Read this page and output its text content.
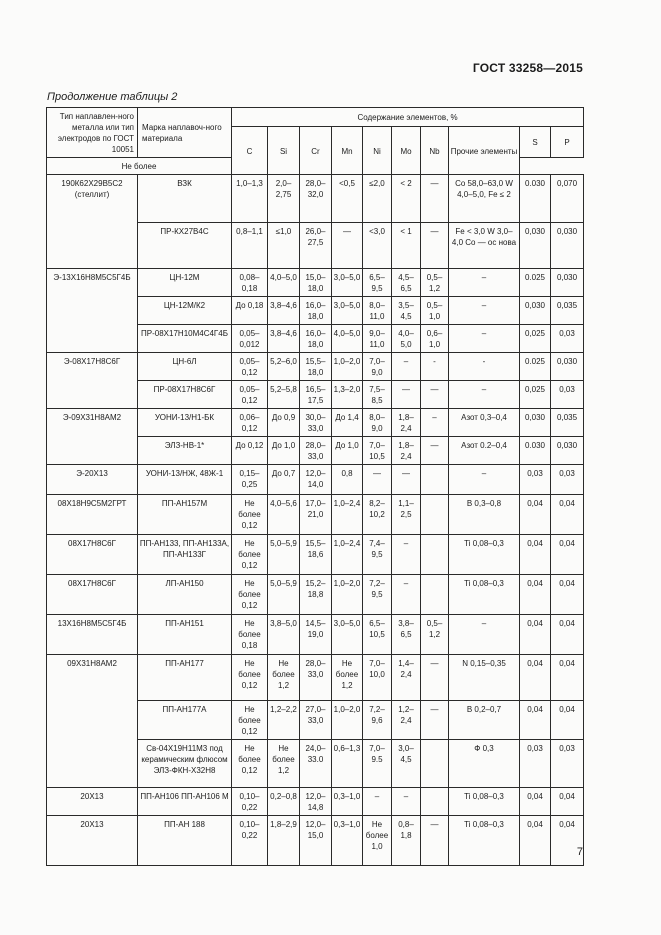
ГОСТ 33258—2015
Продолжение таблицы 2
Тип наплавлен-ного металла или тип электродов по ГОСТ 10051	Марка наплавоч-ного материала	Содержание элементов, %									
		C	Si	Cr	Mn	Ni	Mo	Nb	Прочие элементы	S	P
Не более											
190К62Х29В5С2 (стеллит)	ВЗК	1,0–1,3	2,0–2,75	28,0–32,0	<0,5	≤2,0	< 2	—	Co 58,0–63,0 W 4,0–5,0, Fe ≤ 2	0.030	0,070
	ПР-КХ27В4С	0,8–1,1	≤1,0	26,0–27,5	—	<3,0	< 1	—	Fe < 3,0 W 3,0–4,0 Co — ос нова	0,030	0,030
Э-13Х16Н8М5С5Г4Б	ЦН-12М	0,08–0,18	4,0–5,0	15,0–18,0	3,0–5,0	6,5–9,5	4,5–6,5	0,5–1,2	–	0.025	0,030
	ЦН-12М/К2	До 0,18	3,8–4,6	16,0–18,0	3,0–5,0	8,0–11,0	3,5–4,5	0,5–1,0	–	0,030	0,035
	ПР-08Х17Н10М4С4Г4Б	0,05–0,012	3,8–4,6	16,0–18,0	4,0–5,0	9,0–11,0	4,0–5,0	0,6–1,0	–	0,025	0,03
Э-08Х17Н8С6Г	ЦН-6Л	0,05–0,12	5,2–6,0	15,5–18,0	1,0–2,0	7,0–9,0	–	-	-	0.025	0,030
	ПР-08Х17Н8С6Г	0,05–0,12	5,2–5,8	16,5–17,5	1,3–2,0	7,5–8,5	—	—	–	0,025	0,03
Э-09Х31Н8АМ2	УОНИ-13/Н1-БК	0,06–0,12	До 0,9	30,0–33,0	До 1,4	8,0–9,0	1,8–2,4	–	Азот 0,3–0,4	0,030	0,035
	ЭЛЗ-НВ-1*	До 0,12	До 1,0	28,0–33,0	До 1,0	7,0–10,5	1,8–2,4	—	Азот 0.2–0,4	0.030	0,030
Э-20Х13	УОНИ-13/НЖ, 48Ж-1	0,15–0,25	До 0,7	12,0–14,0	0,8	—	—		–	0,03	0,03
08Х18Н9С5М2ГРТ	ПП-АН157М	Не более 0,12	4,0–5,6	17,0–21,0	1,0–2,4	8,2–10,2	1,1–2,5		B 0,3–0,8	0,04	0,04
08Х17Н8С6Г	ПП-АН133, ПП-АН133А, ПП-АН133Г	Не более 0,12	5,0–5,9	15,5–18,6	1,0–2,4	7,4–9,5	–		Ti 0,08–0,3	0,04	0,04
08Х17Н8С6Г	ЛП-АН150	Не более 0,12	5,0–5,9	15,2–18,8	1,0–2,0	7,2–9,5	–		Ti 0,08–0,3	0,04	0,04
13Х16Н8М5С5Г4Б	ПП-АН151	Не более 0,18	3,8–5,0	14,5–19,0	3,0–5,0	6,5–10,5	3,8–6,5	0,5–1,2	–	0,04	0,04
09Х31Н8АМ2	ПП-АН177	Не более 0,12	Не более 1,2	28,0–33,0	Не более 1,2	7,0–10,0	1,4–2,4	—	N 0,15–0,35	0,04	0,04
	ПП-АН177А	Не более 0,12	1,2–2,2	27,0–33,0	1,0–2,0	7,2–9,6	1,2–2,4	—	B 0,2–0,7	0,04	0,04
	Св-04Х19Н11М3 под керамическим флюсом ЭЛЗ-ФКН-Х32Н8	Не более 0,12	Не более 1,2	24,0–33.0	0,6–1,3	7,0–9.5	3,0–4,5		Ф 0,3	0,03	0,03
20Х13	ПП-АН106 ПП-АН106 М	0,10–0,22	0,2–0,8	12,0–14,8	0,3–1,0	–	–		Ti 0,08–0,3	0,04	0,04
20Х13	ПП-АН 188	0,10–0,22	1,8–2,9	12,0–15,0	0,3–1,0	Не более 1,0	0,8–1,8	—	Ti 0,08–0,3	0,04	0,04
7
